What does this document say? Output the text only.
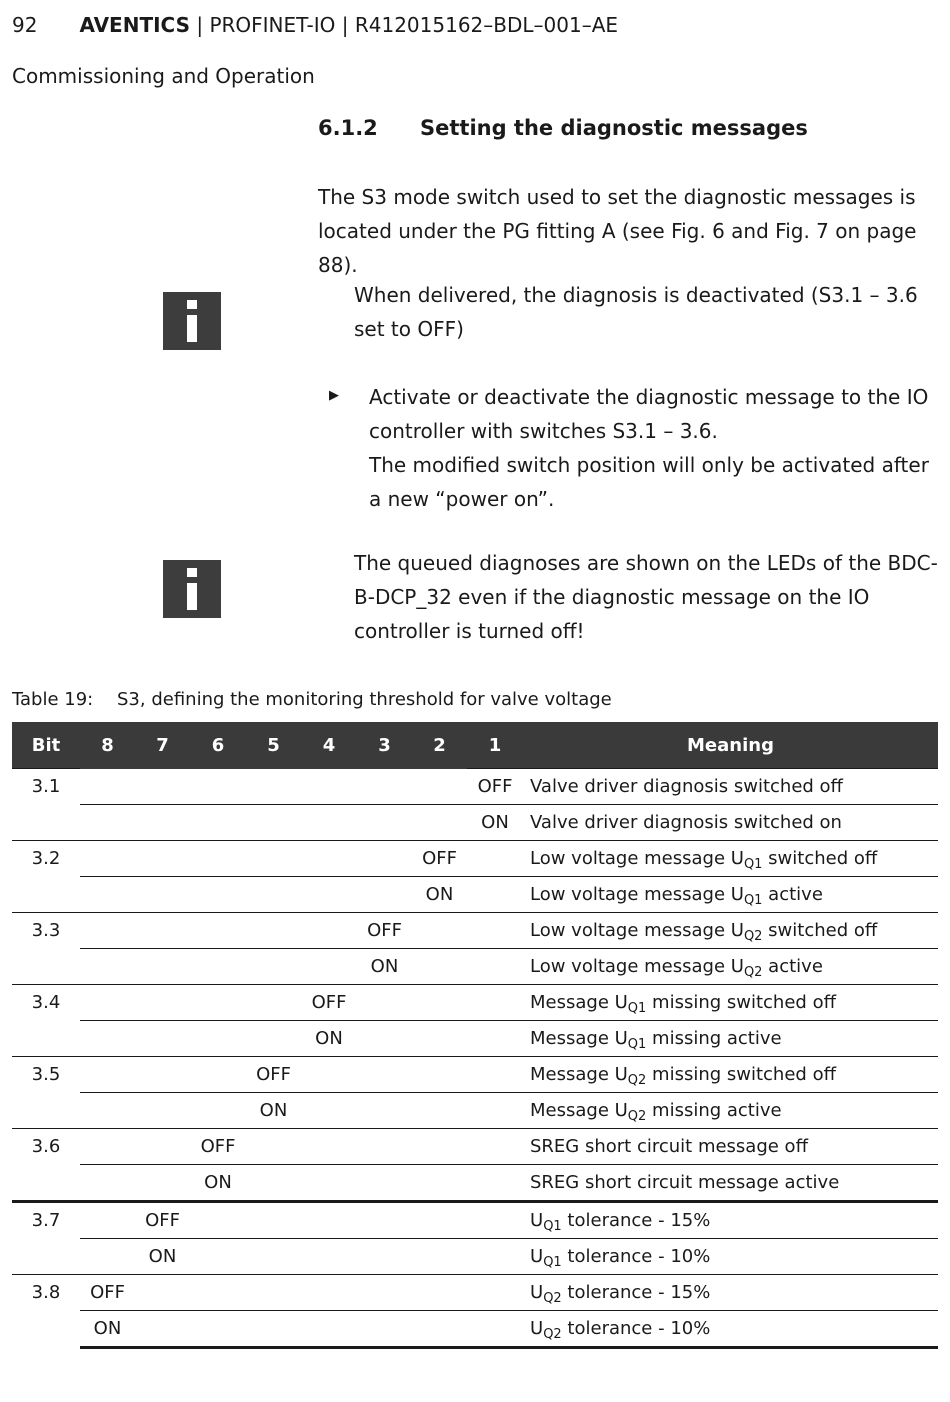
92 AVENTICS | PROFINET-IO | R412015162–BDL–001–AE
Commissioning and Operation
6.1.2 Setting the diagnostic messages
The S3 mode switch used to set the diagnostic messages is located under the PG fitting A (see Fig. 6 and Fig. 7 on page 88).
When delivered, the diagnosis is deactivated (S3.1 – 3.6 set to OFF)
▶ Activate or deactivate the diagnostic message to the IO controller with switches S3.1 – 3.6.
The modified switch position will only be activated after a new “power on”.
The queued diagnoses are shown on the LEDs of the BDC-B-DCP_32 even if the diagnostic message on the IO controller is turned off!
Table 19: S3, defining the monitoring threshold for valve voltage
Bit	8	7	6	5	4	3	2	1	Meaning
3.1								OFF	Valve driver diagnosis switched off
								ON	Valve driver diagnosis switched on
3.2							OFF		Low voltage message $U_{Q1}$ switched off
							ON		Low voltage message $U_{Q1}$ active
3.3						OFF			Low voltage message $U_{Q2}$ switched off
						ON			Low voltage message $U_{Q2}$ active
3.4					OFF				Message $U_{Q1}$ missing switched off
					ON				Message $U_{Q1}$ missing active
3.5				OFF					Message $U_{Q2}$ missing switched off
				ON					Message $U_{Q2}$ missing active
3.6			OFF						SREG short circuit message off
			ON						SREG short circuit message active
3.7		OFF							$U_{Q1}$ tolerance - 15%
		ON							$U_{Q1}$ tolerance - 10%
3.8	OFF								$U_{Q2}$ tolerance - 15%
	ON								$U_{Q2}$ tolerance - 10%
